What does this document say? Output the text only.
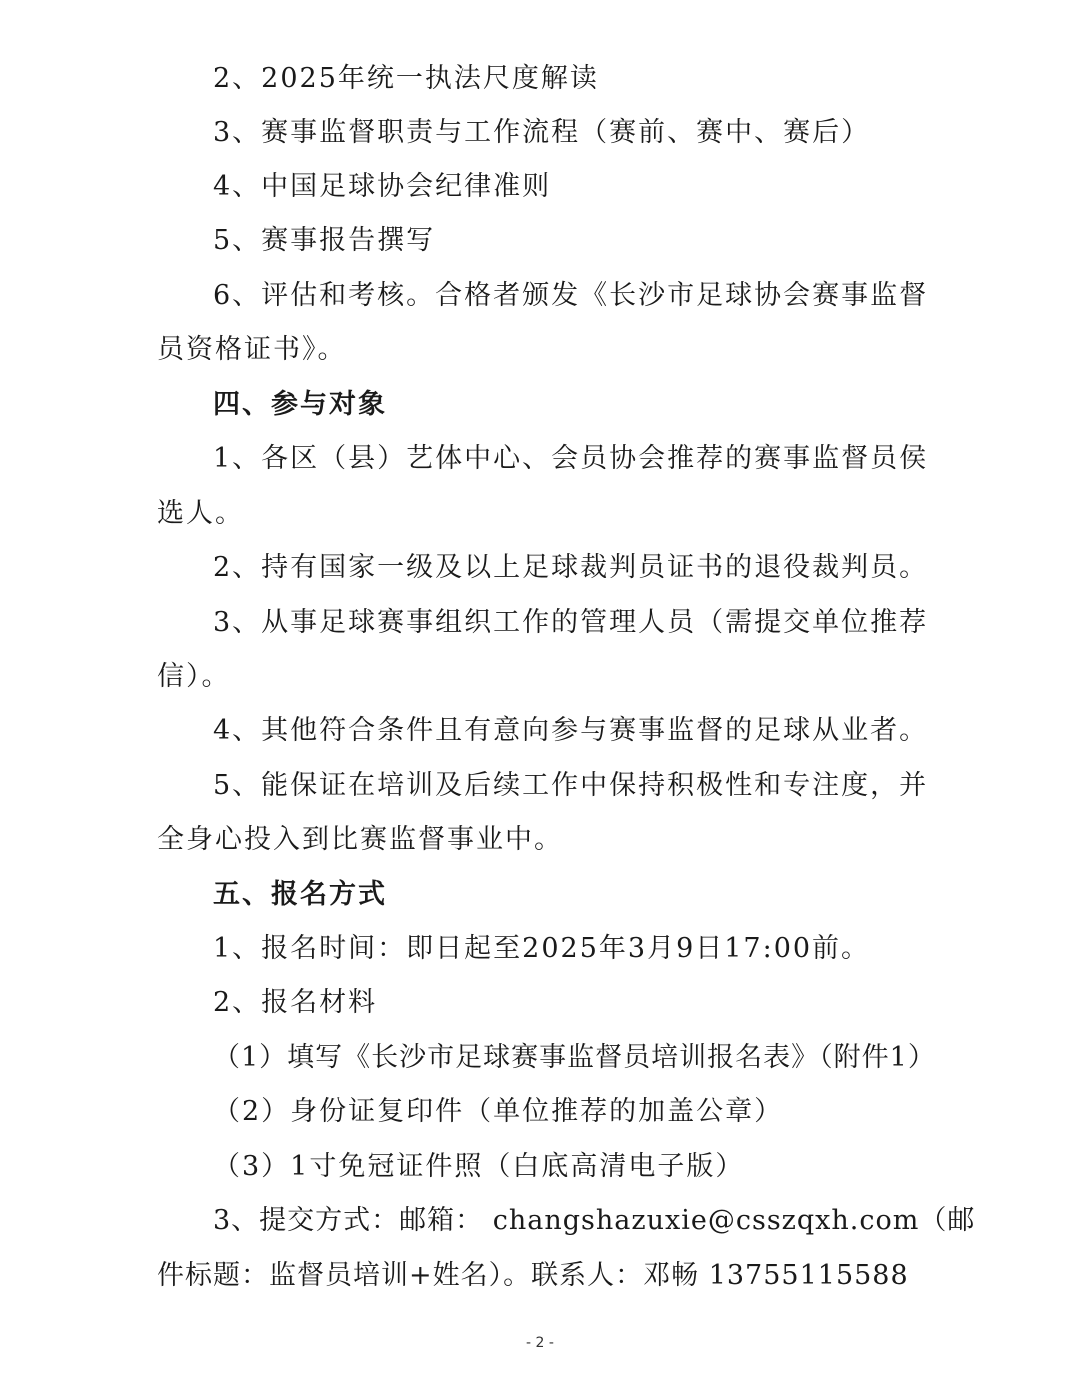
2、2025年统一执法尺度解读
3、赛事监督职责与工作流程（赛前、赛中、赛后）
4、中国足球协会纪律准则
5、赛事报告撰写
6、评估和考核。合格者颁发《长沙市足球协会赛事监督
员资格证书》。
四、参与对象
1、各区（县）艺体中心、会员协会推荐的赛事监督员侯
选人。
2、持有国家一级及以上足球裁判员证书的退役裁判员。
3、从事足球赛事组织工作的管理人员（需提交单位推荐
信）。
4、其他符合条件且有意向参与赛事监督的足球从业者。
5、能保证在培训及后续工作中保持积极性和专注度，并
全身心投入到比赛监督事业中。
五、报名方式
1、报名时间：即日起至2025年3月9日17:00前。
2、报名材料
（1）填写《长沙市足球赛事监督员培训报名表》（附件1）
（2）身份证复印件（单位推荐的加盖公章）
（3）1寸免冠证件照（白底高清电子版）
3、提交方式：邮箱： changshazuxie@csszqxh.com（邮
件标题：监督员培训+姓名）。联系人：邓畅 13755115588
- 2 -
